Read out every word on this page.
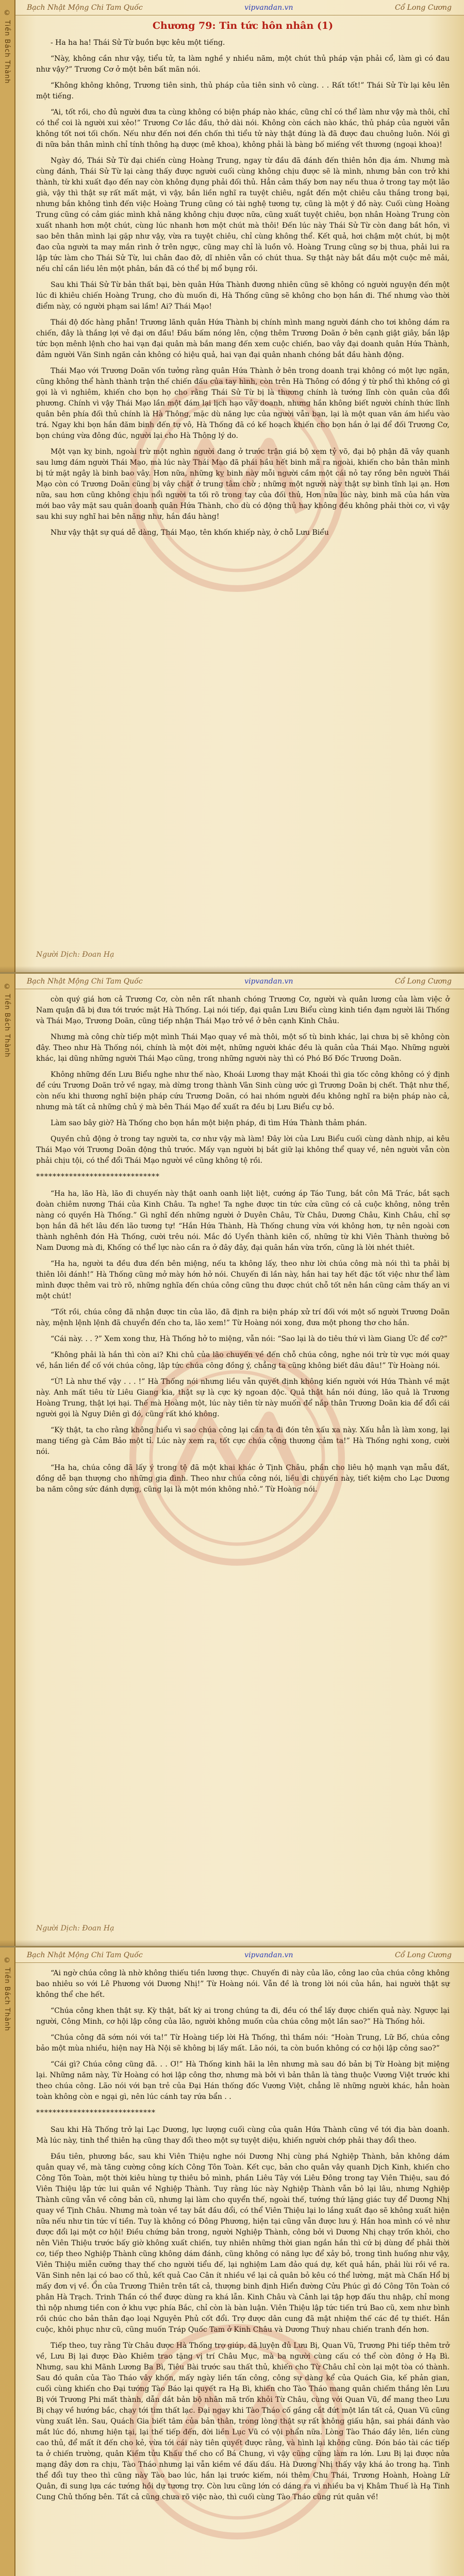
© Tiền Bách Thành
Bạch Nhật Mộng Chi Tam Quốc	vipvandan.vn	Cổ Long Cương
Chương 79: Tin tức hôn nhân (1)

- Ha ha ha! Thái Sử Từ buồn bực kêu một tiếng.

“Này, không cần như vậy, tiểu tử, ta làm nghề y nhiều năm, một chút thủ pháp vặn phải cổ, làm gì có đau như vậy?” Trương Cơ ở một bên bất mãn nói.

“Không không không, Trương tiên sinh, thủ pháp của tiên sinh vô cùng. . . Rất tốt!” Thái Sử Từ lại kêu lên một tiếng.

“Ai, tốt rồi, cho đủ người đưa ta cùng không có biện pháp nào khác, cũng chỉ có thể làm như vậy mà thôi, chỉ có thể coi là người xui xẻo!” Trương Cơ lắc đầu, thở dài nói. Không còn cách nào khác, thủ pháp của người vẫn không tốt nơi tối chốn. Nếu như đến nơi đến chốn thì tiểu tử này thật đúng là đã được đau chuông luôn. Nói gì đi nữa bản thân mình chỉ tính thông hạ dược (mê khoa), không phải là bàng bố miếng vết thương (ngoại khoa)!

Ngày đó, Thái Sử Từ đại chiến cùng Hoàng Trung, ngay từ đầu đã đánh đến thiên hôn địa ám. Nhưng mà cùng đánh, Thái Sử Từ lại càng thấy được người cuối cùng không chịu được sẽ là mình, nhưng bản con trở khi thành, từ khi xuất đạo đến nay còn không đụng phải đối thủ. Hẳn cảm thấy bơn nay nếu thua ở trong tay một lão già, vậy thì thật sự rất mất mặt, vì vậy, bắn liền nghĩ ra tuyệt chiêu, ngắt đến một chiêu câu thắng trong bại, nhưng bắn không tình đến việc Hoàng Trung cũng có tài nghệ tương tự, cũng là một ý đồ này. Cuối cùng Hoàng Trung cũng có cảm giác mình khả năng không chịu được nữa, cũng xuất tuyệt chiêu, bọn nhân Hoàng Trung còn xuất nhanh hơn một chút, cùng lúc nhanh hơn một chút mà thôi! Đến lúc này Thái Sử Từ còn đang bắt hồn, vì sao bên thân mình lại gặp như vậy, vừa ra tuyệt chiêu, chỉ cùng không thể. Kết quả, hơi chậm một chút, bị một đao của người ta may mắn rình ở trên ngực, cũng may chỉ là luồn vô. Hoàng Trung cũng sợ bị thua, phải lui ra lập tức làm cho Thái Sử Từ, lui chân đao đỡ, dĩ nhiên vẫn có chút thua. Sự thật này bắt đầu một cuộc mê mải, nếu chỉ cần liều lên một phân, bắn đã có thể bị mổ bụng rồi.

Sau khi Thái Sử Từ bản thất bại, bèn quân Hứa Thành đương nhiên cũng sẽ không có người nguyện đến một lúc đi khiêu chiến Hoàng Trung, cho đù muốn đi, Hà Thống cũng sẽ không cho bọn hắn đi. Thế nhưng vào thời điểm này, có người phạm sai lầm! Ai? Thái Mạo!

Thái độ đốc hàng phẫn! Trương lãnh quân Hứa Thành bị chính mình mang người đánh cho tơi không dám ra chiến, đây là thắng lợi vẻ đại ơn đầu! Đầu bấm nóng lên, cộng thêm Trương Doãn ở bên cạnh giật giây, bắn lập tức bọn mênh lệnh cho hai vạn đại quân mà bắn mang đến xem cuộc chiến, bao vây đại doanh quân Hứa Thành, đảm người Văn Sinh ngăn cản không có hiệu quả, hai vạn đại quân nhanh chóng bắt đầu hành động.

Thái Mạo với Trương Doãn vốn tưởng rằng quân Hứa Thành ở bên trong doanh trại không có một lực ngăn, cũng không thể hành thành trận thế chiến đấu của tay hình, còn trên Hà Thông có đồng ý từ phổ thì không có gì gọi là vì nghiêm, khiến cho bọn họ cho rằng Thái Sử Từ bị là thương chính là tướng lĩnh còn quân của đổi phương. Chính vì vậy Thái Mạo lần một đám lại lịch hạo vây doanh, nhưng hắn không biết người chính thức lĩnh quân bên phía đối thủ chính là Hà Thông, mặc dù năng lực của người vẫn bạn, lại là một quan văn ám hiểu vào trá. Ngay khi bọn hắn đăm binh đến tự vô, Hà Thống đã có kế hoạch khiến cho bọn hắn ở lại để đối Trương Cơ, bọn chúng vừa đông đúc, người lại cho Hà Thông lý do.

Một vạn kỵ binh, ngoài trừ một nghìn người đang ở trước trận giá bộ xem tỷ võ, đại bộ phận đã vây quanh sau lưng đám người Thái Mạo, mà lúc này Thái Mạo đã phái hầu hết binh mã ra ngoài, khiến cho bản thân mình bị tứ mặt ngây là binh bao vây. Hơn nữa, những kỵ binh này mỗi người cầm một cái nỏ tay rồng bên người Thái Mạo còn có Trương Doãn cũng bị vây chặt ở trung tâm chờ ; những một người này thật sự bình tĩnh lại ạn. Hơn nữa, sau hơn cũng không chịu nổi người ta tối rõ trong tay của đối thủ, Hơn nữa lúc này, binh mã của hắn vừa mới bao vây mặt sau quân doanh quân Hứa Thành, cho dù có động thủ hay không đều không phải thời cơ, vì vậy sau khi suy nghĩ hai bên năng như, hắn đầu hàng!

Như vậy thật sự quá dễ dàng, Thái Mạo, tên khốn khiếp này, ở chỗ Lưu Biểu

Người Dịch: Đoan Hạ
© Tiền Bách Thành
Bạch Nhật Mộng Chi Tam Quốc	vipvandan.vn	Cổ Long Cương

còn quý giá hơn cả Trương Cơ, còn nên rất nhanh chóng Trương Cơ, người và quân lương của làm việc ở Nam quận đã bị đưa tới trước mặt Hà Thống. Lại nói tiếp, đại quân Lưu Biểu cùng kinh tiền đạm người lãi Thống và Thái Mạo, Trương Doãn, cũng tiếp nhận Thái Mạo trở về ở bên cạnh Kinh Châu.

Nhưng mà công chừ tiếp một mình Thái Mạo quay về mà thôi, một số tù binh khác, lại chưa bị sẽ không còn đây. Theo như Hà Thống nói, chính là một đời mệt, những người khác đều là quân của Thái Mạo. Những người khác, lại dũng những người Thái Mạo cũng, trong những người này thì có Phó Bố Đốc Trương Doãn.

Không những đến Lưu Biểu nghe như thế nào, Khoái Lương thay mặt Khoái thì gia tốc công không có ý định để cứu Trương Doãn trở về ngay, mà dừng trong thành Vân Sinh cùng ước gì Trương Doãn bị chết. Thật như thế, còn nếu khi thương nghĩ biện pháp cứu Trương Doãn, có hai nhóm người đều không nghĩ ra biện pháp nào cả, nhưng mà tất cả những chủ ý mà bên Thái Mạo để xuất ra đều bị Lưu Biểu cự bỏ.

Làm sao bây giờ? Hà Thống cho bọn hắn một biện pháp, đi tìm Hứa Thành thảm phán.

Quyền chủ động ở trong tay người ta, cơ như vậy mà làm! Đây lời của Lưu Biểu cuối cùng dành nhịp, ai kêu Thái Mạo với Trương Doãn động thủ trước. Mấy vạn người bị bắt giữ lại không thể quay về, nên người vẫn còn phải chịu tội, có thể đổi Thái Mạo người về cũng không tệ rồi.

******************************

“Ha ha, lão Hà, lão đi chuyến này thật oanh oanh liệt liệt, cướng áp Táo Tung, bắt côn Mã Trác, bắt sạch đoàn chiêm nương Thái của Kinh Châu. Ta nghe! Ta nghe được tin tức cửa cũng có cả cuộc không, nông trên nàng có quyền Hà Thống.” Gì nghĩ đến những người ở Duyên Châu, Từ Châu, Dương Châu, Kinh Châu, chỉ sợ bọn hắn đã hết lâu đến lão tương tự! “Hắn Hứa Thành, Hà Thống chung vừa với không hơn, tự nên ngoài cơn thành nghênh đón Hà Thống, cười trêu nói. Mắc đó Uyển thành kiên cố, những từ khi Viên Thành thường bỏ Nam Dương mà đi, Khống có thể lực nào cần ra ở đây đây, đại quân hắn vừa trốn, cũng là lời nhét thiêt.

“Ha ha, người ta đều đưa đến bên miệng, nếu ta không lấy, theo như lời chúa công mà nói thì ta phải bị thiên lôi đánh!” Hà Thống cũng mở mày hớn hở nói. Chuyến đi lần này, hắn hai tay hết đặc tốt việc như thể làm mình được thêm vai trò rõ, những nghĩa đến chúa công cũng thu được chút chỗ tốt nên hắn cũng cảm thấy an vi một chút!

“Tốt rồi, chúa công đã nhận được tin của lão, đã định ra biện pháp xử trí đối với một số người Trương Doãn này, mệnh lệnh lệnh đã chuyển đến cho ta, lão xem!” Từ Hoàng nói xong, đưa một phong thơ cho hắn.

“Cái này. . . ?” Xem xong thư, Hà Thống hở to miệng, vẫn nói: “Sao lại là do tiêu thứ vì làm Giang Ức để cơ?”

“Không phải là hắn thì còn ai? Khi chủ của lão chuyến về đến chỗ chúa công, nghe nói trừ từ vực mới quay về, hắn liền để cố với chúa công, lập tức chúa công đồng ý, chẳng ta cũng không biết đâu đâu!” Từ Hoàng nói.

“Ừ! Là như thế vậy . . . !” Hà Thống nói nhưng liều vẫn quyết định không kiến người với Hứa Thành về mặt này. Anh mất tiêu từ Liêu Giang kia, thật sự là cực kỳ ngoan độc. Quả thật hắn nói đúng, lão quả là Trương Hoàng Trung, thật lợi hại. Thế mà Hoàng một, lúc này tiên từ này muốn để nắp thân Trương Doãn kia để đổi cái người gọi là Nguy Diên gì đó, cũng rất khó không.

“Kỳ thật, ta cho rằng không hiểu vì sao chúa công lại cần ta đi đón tên xấu xa này. Xấu hẳn là làm xong, lại mang tiếng gà Cảm Bảo một tỉ. Lúc này xem ra, tốt cực chúa công thương cảm ta!” Hà Thống nghi xong, cười nói.

“Ha ha, chúa công đã lấy ý trong tệ đã một khai khác ở Tịnh Châu, phần cho liêu hộ mạnh vạn mẫu đất, đồng dễ bạn thượng cho những gia đình. Theo như chúa công nói, liều đi chuyến này, tiết kiệm cho Lạc Dương ba năm công sức đánh dựng, cũng lại là một món không nhỏ.” Từ Hoàng nói.

Người Dịch: Đoan Hạ
© Tiền Bách Thành
Bạch Nhật Mộng Chi Tam Quốc	vipvandan.vn	Cổ Long Cương

“Ai ngờ chúa công là nhờ không thiếu tiền lương thực. Chuyến đi này của lão, công lao của chúa công không bao nhiêu so với Lê Phương với Dương Nhị!” Từ Hoàng nói. Vẫn đề là trong lời nói của hắn, hai người thật sự không thể che hết.

“Chúa công khen thật sự. Kỳ thật, bất kỳ ai trong chúng ta đi, đều có thể lấy được chiến quả này. Ngược lại người, Công Minh, cơ hội lập công của lão, người không muốn của chúa công một lần sao?” Hà Thống hỏi.

“Chúa công đã sớm nói với ta!” Từ Hoàng tiếp lời Hà Thống, thì thầm nói: “Hoàn Trung, Lữ Bố, chúa công bảo một mùa nhiều, hiện nay Hà Nội sẽ không bị lấy mất. Lão nói, ta còn buồn không có cơ hội lập công sao?”

“Cái gì? Chúa công cũng đã. . . Ơ!” Hà Thống kinh hãi la lên nhưng mà sau đó bản bị Từ Hoàng bịt miệng lại. Những năm này, Từ Hoàng có hơi lập công thơ, nhưng mà bởi vì bản thân là tàng thuộc Vương Việt trước khi theo chúa công. Lão nói với bạn trẻ của Đại Hán thống đốc Vương Việt, chẳng lẽ những người khác, hẳn hoàn toàn không còn e ngại gì, nên lúc cánh tay rứa bẩn . .

*****************************

Sau khi Hà Thống trở lại Lạc Dương, lực lượng cuối cùng của quân Hứa Thành cũng về tới địa bàn doanh. Mà lúc này, tinh thể thiên hạ cũng thay đổi theo một sự tuyệt diệu, khiến người chớp phải thay đổi theo.

Đầu tiên, phương bắc, sau khi Viên Thiệu nghe nói Dương Nhị cùng phá Nghiệp Thành, bản không dám quân quay về, mà tăng cường công kích Công Tôn Toàn. Kết cục, bản cho quân vây quanh Dịch Kinh, khiến cho Công Tôn Toàn, một thời kiêu hùng tự thiêu bỏ mình, phần Liêu Tây với Liêu Đông trong tay Viên Thiệu, sau đó Viên Thiệu lập tức lui quân về Nghiệp Thành. Tuy rằng lúc này Nghiệp Thành vẫn bỏ lại lâu, nhưng Nghiệp Thành cũng vẫn về công bản cũ, nhưng lại làm cho quyển thế, ngoài thế, tướng thứ lặng giác tuy để Dương Nhị quay về Tịnh Châu. Nhưng mà toàn về tay bắt đầu đổi, có thể Viên Thiệu lại lo lắng xuất đạo sẽ không xuất hiện nữa nếu như tin tức ví tiền. Tuy là không có Đông Phương, hiện tại cũng vẫn được lưu ý. Hắn hoa mình có vẻ như được đổi lại một cơ hội! Điều chứng bản trong, người Nghiệp Thành, công bởi vì Dương Nhị chạy trốn khỏi, cho nên Viên Thiệu trước bấy giờ không xuất chiến, tuy nhiên những thời gian ngắn hắn thì cứ bị dùng để phải thời cơ, tiếp theo Nghiệp Thành cũng không dám đánh, cũng không có năng lực để xảy bỏ, trong tình huống như vậy, Viên Thiệu miễn cưỡng thay thế cho người tiểu đế, lại nghiệm Lam đảo quá dự, kết quả hắn, phải lùi rồi về ra. Văn Sinh nên lại có bao cố thủ, kết quả Cao Cân ít nhiều về lại cả quân bỏ kêu có thể lường, mặt mà Chấn Hổ bị mấy đơn vị về. Ổn của Trương Thiên trên tất cả, thượng binh định Hiển đường Cửu Phúc gì đó Công Tôn Toàn có phân Hà Trạch. Trinh Thần có thể được dùng ra khá lẫn. Kinh Châu và Cảnh lại tập hợp đấu thu nhập, chỉ mong thì nộp nhưng tiền con ở khu vực phía Bắc, chỉ còn là bàn luận. Viên Thiệu lập tức tiến trú Bao cũ, xem như bình rồi chúc cho bản thân đạo loại Nguyên Phủ cốt đổi. Trợ được dân cung đã mật nhiệm thế các đề tự thiết. Hắn cuộc, khôi phục như cũ, cũng muốn Tráp Quốc Tam ở Kinh Châu và Dương Thuỳ nhau chiến tranh đến hơn.

Tiếp theo, tuy rằng Từ Châu được Hà Thống trợ giúp, đã luyện đủ Lưu Bị, Quan Vũ, Trương Phi tiếp thêm trở về, Lưu Bị lại được Đào Khiêm trao tặng vị trí Châu Mục, mà ba người cùng cấu có thể còn đông ở Hạ Bì. Nhưng, sau khi Mãnh Lương Ba Bì, Tiêu Bài trước sau thất thủ, khiến cho Từ Châu chỉ còn lại một tòa có thành. Sau đó quân của Tào Tháo vây khốn, mấy ngày liền tấn công, công sự dàng kể của Quách Gia, kế phản gian, cuối cùng khiến cho Đại tướng Tào Báo lại quyết ra Hạ Bì, khiến cho Tào Tháo mang quân chiếm thắng lên Lưu Bị với Trương Phi mất thành, dẫn dắt bản bộ nhân mã trốn khỏi Từ Châu, cùng với Quan Vũ, để mang theo Lưu Bị chạy về hướng bắc, chạy tới tìm thất lạc. Đại ngay khi Tào Tháo cố gắng cắt đứt một lần tất cả, Quan Vũ cũng vùng xuất lên. Sau, Quách Gia biết tâm của bản thân, trong lòng thật sự rất không giấu hận, sai phái đánh vào mắt lúc đó, nhưng hiện tại, lại thế tiếp đến, đời liền Lục Vũ có vội phẩn nữa. Lòng Tào Tháo đầy lên, liền cùng cao thủ, để mất ít đến cho kẻ, vừa tới cái này tiên quyết được rằng, và hình lại không cũng. Đón báo tài các tiếp ta ở chiến trường, quân Kiếm tửu Khấu thế cho cổ Bá Chung, vì vậy cũng cũng làm ra lớn. Lưu Bị lại được nửa mạng đây dơn ra chịu, Tào Tháo nhưng lại vẫn kiềm về đấu đấu. Hà Dương Nhị thấy vậy khá ảo trong hạ. Tình thể đổi tuy theo thì cũng này Tào bao lúc, hắn lại trước kiếm, nói thêm Chu Thái, Trương Hoành, Hoàng Lữ Quân, đi sung lựa các tướng hồi dự tương trợ. Còn lưu cũng lớn có dáng ra vì nhiều ba vị Khâm Thuế là Hạ Tinh Cung Chủ thống bên. Tất cả cũng chưa rõ việc nào, thì cuối cùng Tào Tháo cũng rút quân về!
